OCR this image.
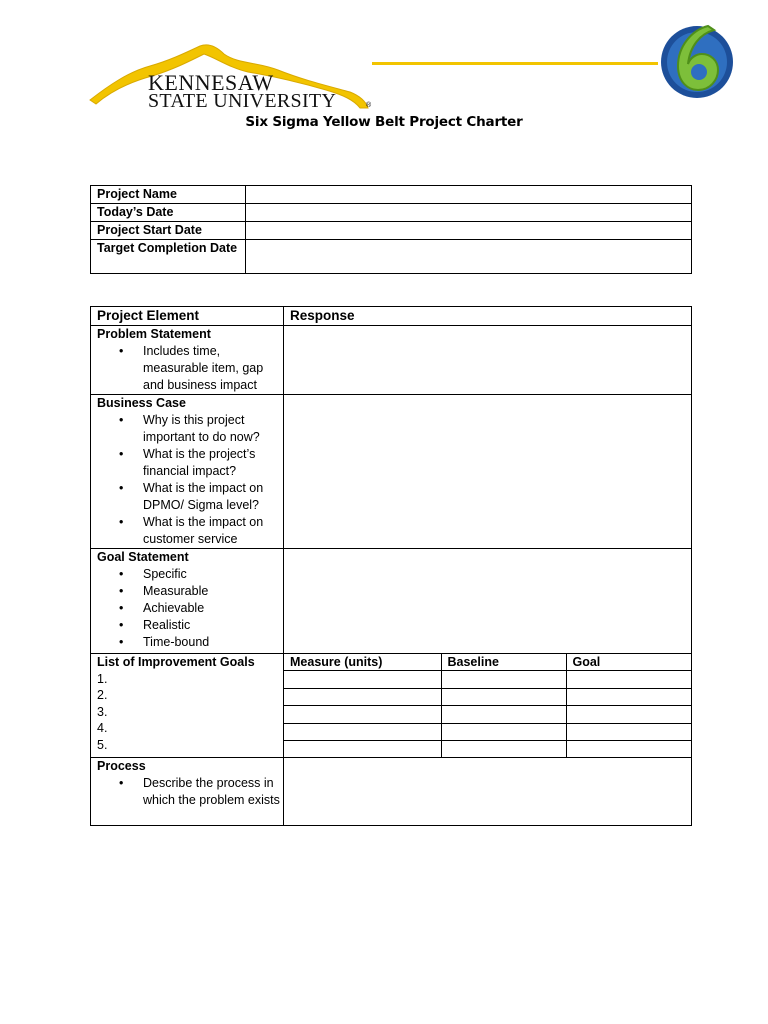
KENNESAW
STATE UNIVERSITY	®
Six Sigma Yellow Belt Project Charter
Project Name	
Today’s Date	
Project Start Date	
Target Completion Date	
Project Element	Response

Problem Statement
• Includes time, measurable item, gap and business impact

Business Case
• Why is this project important to do now?
• What is the project’s financial impact?
• What is the impact on DPMO/ Sigma level?
• What is the impact on customer service

Goal Statement
• Specific
• Measurable
• Achievable
• Realistic
• Time-bound

List of Improvement Goals
1.
2.
3.
4.
5.

Measure (units)	Baseline	Goal

Process
• Describe the process in which the problem exists
